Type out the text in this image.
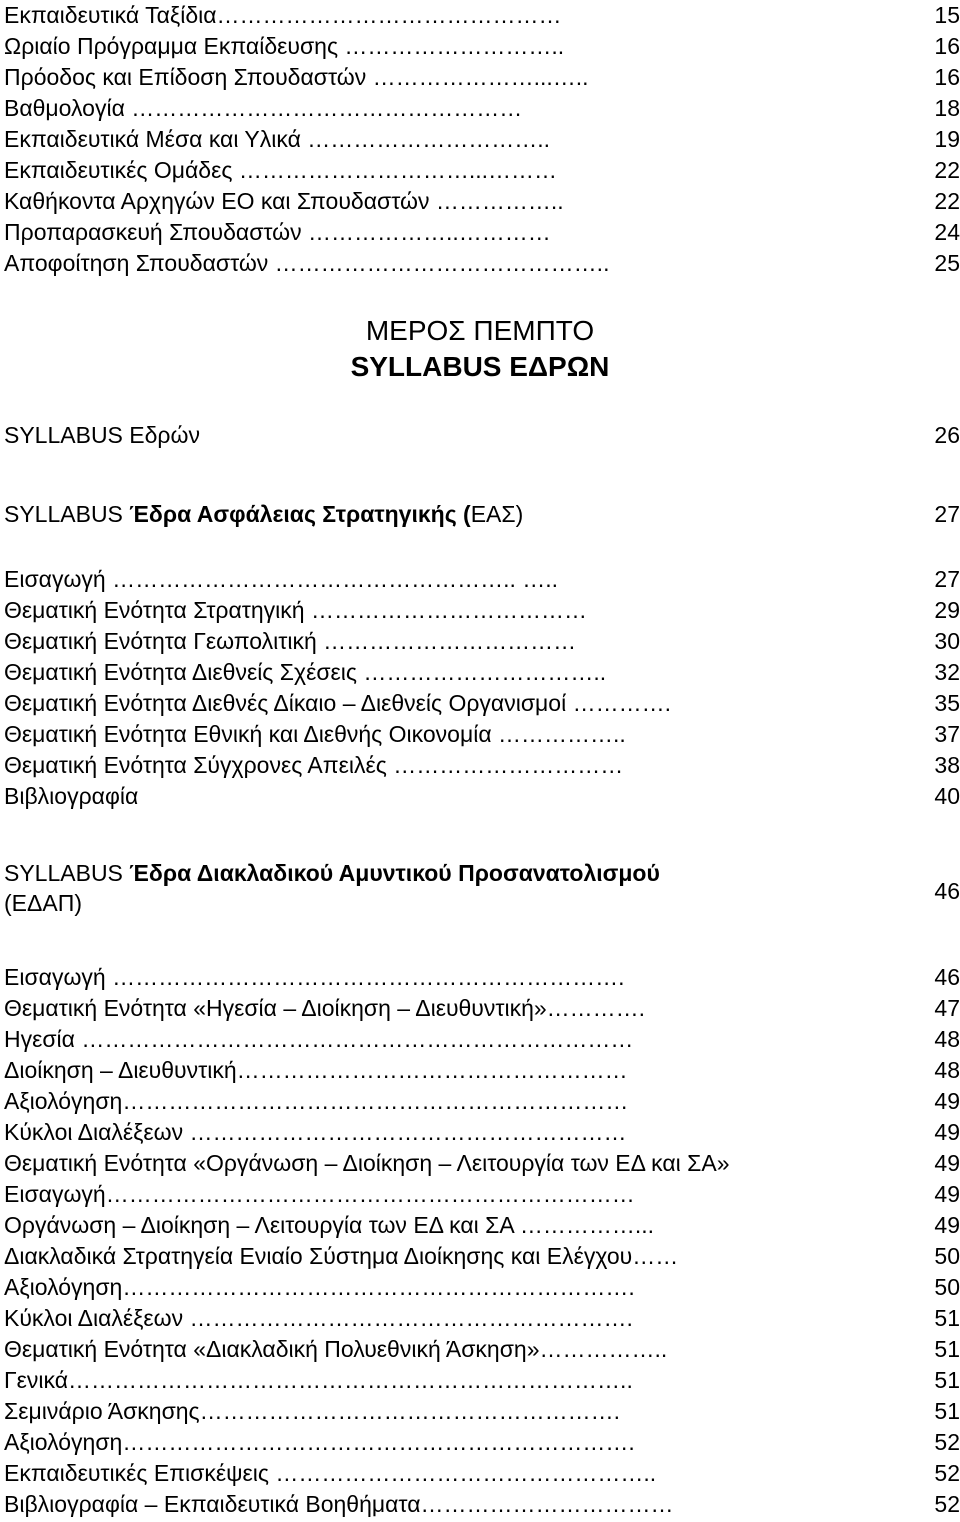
Εκπαιδευτικά Ταξίδια………………………………………	15
Ωριαίο Πρόγραμμα Εκπαίδευσης ………………………..	16
Πρόοδος και Επίδοση Σπουδαστών …………………...…..	16
Βαθμολογία ……………………………………………	18
Εκπαιδευτικά Μέσα και Υλικά …………………………..	19
Εκπαιδευτικές Ομάδες …………………………...………	22
Καθήκοντα Αρχηγών ΕΟ και Σπουδαστών ……………..	22
Προπαρασκευή Σπουδαστών ………………..…………	24
Αποφοίτηση Σπουδαστών ……………………………………..	25
ΜΕΡΟΣ ΠΕΜΠΤΟ
SYLLABUS ΕΔΡΩΝ
SYLLABUS Εδρών	26
SYLLABUS Έδρα Ασφάλειας Στρατηγικής (ΕΑΣ)	27
Εισαγωγή …………………………………………….. …..	27
Θεματική Ενότητα Στρατηγική ………………………………	29
Θεματική Ενότητα Γεωπολιτική ……………………………	30
Θεματική Ενότητα Διεθνείς Σχέσεις …………………………..	32
Θεματική Ενότητα Διεθνές Δίκαιο – Διεθνείς Οργανισμοί ………….	35
Θεματική Ενότητα Εθνική και Διεθνής Οικονομία ……………..	37
Θεματική Ενότητα Σύγχρονες Απειλές …………………………	38
Βιβλιογραφία	40
SYLLABUS Έδρα Διακλαδικού Αμυντικού Προσανατολισμού
(ΕΔΑΠ)	46
Εισαγωγή ………………………………………………………….	46
Θεματική Ενότητα «Ηγεσία – Διοίκηση – Διευθυντική»………….	47
Ηγεσία ………………………………………………………………	48
Διοίκηση – Διευθυντική……………………………………………	48
Αξιολόγηση…………………………………………………………	49
Κύκλοι Διαλέξεων …………………………………………………	49
Θεματική Ενότητα «Οργάνωση – Διοίκηση – Λειτουργία των ΕΔ και ΣΑ»	49
Εισαγωγή……………………………………………………………	49
Οργάνωση – Διοίκηση – Λειτουργία των ΕΔ και ΣΑ ……………...	49
Διακλαδικά Στρατηγεία Ενιαίο Σύστημα Διοίκησης και Ελέγχου……	50
Αξιολόγηση………………………………………………………….	50
Κύκλοι Διαλέξεων ………………………………………………….	51
Θεματική Ενότητα «Διακλαδική Πολυεθνική Άσκηση»……………..	51
Γενικά………………………………………………………………..	51
Σεμινάριο Άσκησης……………………………………………….	51
Αξιολόγηση………………………………………………………….	52
Εκπαιδευτικές Επισκέψεις …………………………………………..	52
Βιβλιογραφία – Εκπαιδευτικά Βοηθήματα……………………………	52
